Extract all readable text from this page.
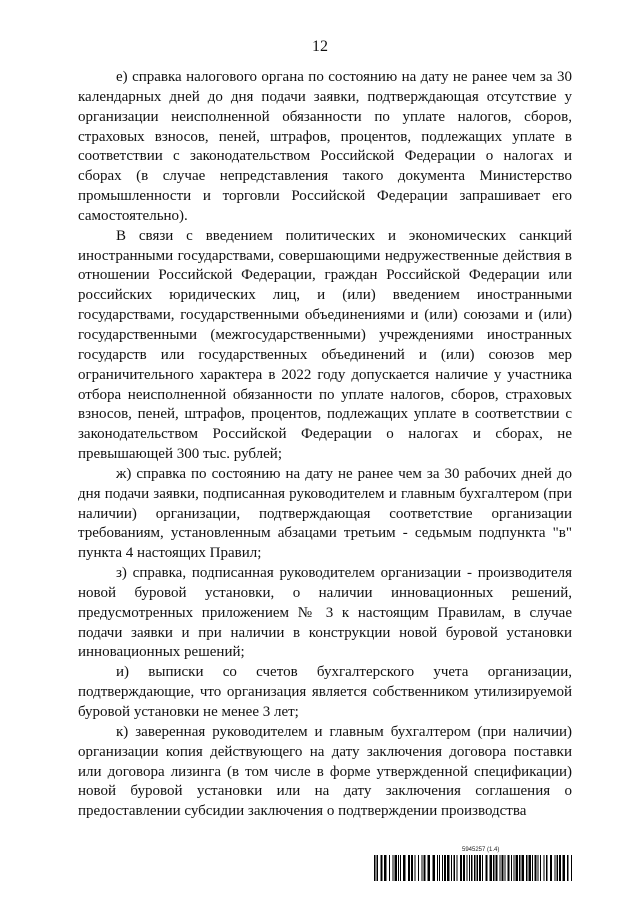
12

е) справка налогового органа по состоянию на дату не ранее чем за 30 календарных дней до дня подачи заявки, подтверждающая отсутствие у организации неисполненной обязанности по уплате налогов, сборов, страховых взносов, пеней, штрафов, процентов, подлежащих уплате в соответствии с законодательством Российской Федерации о налогах и сборах (в случае непредставления такого документа Министерство промышленности и торговли Российской Федерации запрашивает его самостоятельно).

В связи с введением политических и экономических санкций иностранными государствами, совершающими недружественные действия в отношении Российской Федерации, граждан Российской Федерации или российских юридических лиц, и (или) введением иностранными государствами, государственными объединениями и (или) союзами и (или) государственными (межгосударственными) учреждениями иностранных государств или государственных объединений и (или) союзов мер ограничительного характера в 2022 году допускается наличие у участника отбора неисполненной обязанности по уплате налогов, сборов, страховых взносов, пеней, штрафов, процентов, подлежащих уплате в соответствии с законодательством Российской Федерации о налогах и сборах, не превышающей 300 тыс. рублей;

ж) справка по состоянию на дату не ранее чем за 30 рабочих дней до дня подачи заявки, подписанная руководителем и главным бухгалтером (при наличии) организации, подтверждающая соответствие организации требованиям, установленным абзацами третьим - седьмым подпункта "в" пункта 4 настоящих Правил;

з) справка, подписанная руководителем организации - производителя новой буровой установки, о наличии инновационных решений, предусмотренных приложением № 3 к настоящим Правилам, в случае подачи заявки и при наличии в конструкции новой буровой установки инновационных решений;

и) выписки со счетов бухгалтерского учета организации, подтверждающие, что организация является собственником утилизируемой буровой установки не менее 3 лет;

к) заверенная руководителем и главным бухгалтером (при наличии) организации копия действующего на дату заключения договора поставки или договора лизинга (в том числе в форме утвержденной спецификации) новой буровой установки или на дату заключения соглашения о предоставлении субсидии заключения о подтверждении производства

5945257 (1.4)
